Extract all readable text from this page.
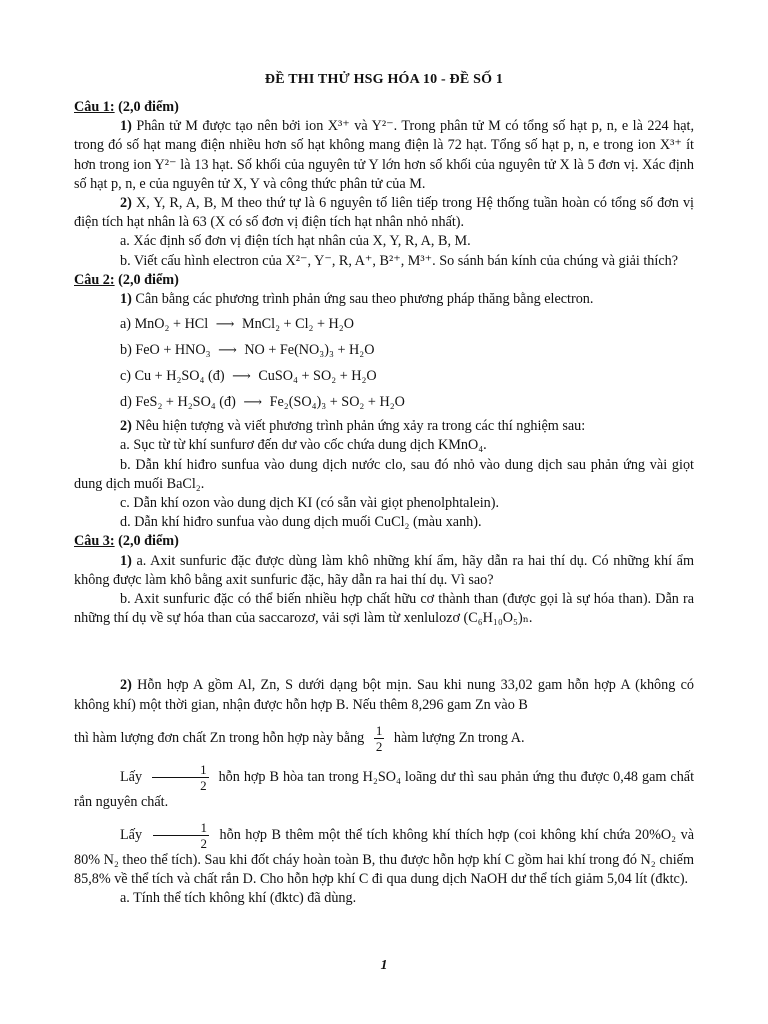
ĐỀ THI THỬ HSG HÓA 10 - ĐỀ SỐ 1

Câu 1: (2,0 điểm)

1) Phân tử M được tạo nên bởi ion X³⁺ và Y²⁻. Trong phân tử M có tổng số hạt p, n, e là 224 hạt, trong đó số hạt mang điện nhiều hơn số hạt không mang điện là 72 hạt. Tổng số hạt p, n, e trong ion X³⁺ ít hơn trong ion Y²⁻ là 13 hạt. Số khối của nguyên tử Y lớn hơn số khối của nguyên tử X là 5 đơn vị. Xác định số hạt p, n, e của nguyên tử X, Y và công thức phân tử của M.

2) X, Y, R, A, B, M theo thứ tự là 6 nguyên tố liên tiếp trong Hệ thống tuần hoàn có tổng số đơn vị điện tích hạt nhân là 63 (X có số đơn vị điện tích hạt nhân nhỏ nhất).

a. Xác định số đơn vị điện tích hạt nhân của X, Y, R, A, B, M.

b. Viết cấu hình electron của X²⁻, Y⁻, R, A⁺, B²⁺, M³⁺. So sánh bán kính của chúng và giải thích?

Câu 2: (2,0 điểm)

1) Cân bằng các phương trình phản ứng sau theo phương pháp thăng bằng electron.

a) MnO₂ + HCl ⟶ MnCl₂ + Cl₂ + H₂O

b) FeO + HNO₃ ⟶ NO + Fe(NO₃)₃ + H₂O

c) Cu + H₂SO₄ (đ) ⟶ CuSO₄ + SO₂ + H₂O

d) FeS₂ + H₂SO₄ (đ) ⟶ Fe₂(SO₄)₃ + SO₂ + H₂O

2) Nêu hiện tượng và viết phương trình phản ứng xảy ra trong các thí nghiệm sau:

a. Sục từ từ khí sunfurơ đến dư vào cốc chứa dung dịch KMnO₄.

b. Dẫn khí hiđro sunfua vào dung dịch nước clo, sau đó nhỏ vào dung dịch sau phản ứng vài giọt dung dịch muối BaCl₂.

c. Dẫn khí ozon vào dung dịch KI (có sẵn vài giọt phenolphtalein).

d. Dẫn khí hiđro sunfua vào dung dịch muối CuCl₂ (màu xanh).

Câu 3: (2,0 điểm)

1) a. Axit sunfuric đặc được dùng làm khô những khí ẩm, hãy dẫn ra hai thí dụ. Có những khí ẩm không được làm khô bằng axit sunfuric đặc, hãy dẫn ra hai thí dụ. Vì sao?

b. Axit sunfuric đặc có thể biến nhiều hợp chất hữu cơ thành than (được gọi là sự hóa than). Dẫn ra những thí dụ về sự hóa than của saccarozơ, vải sợi làm từ xenlulozơ (C₆H₁₀O₅)ₙ.

2) Hỗn hợp A gồm Al, Zn, S dưới dạng bột mịn. Sau khi nung 33,02 gam hỗn hợp A (không có không khí) một thời gian, nhận được hỗn hợp B. Nếu thêm 8,296 gam Zn vào B

thì hàm lượng đơn chất Zn trong hỗn hợp này bằng $\frac{1}{2}$ hàm lượng Zn trong A.

Lấy $\frac{1}{2}$ hỗn hợp B hòa tan trong H₂SO₄ loãng dư thì sau phản ứng thu được 0,48 gam chất rắn nguyên chất.

Lấy $\frac{1}{2}$ hỗn hợp B thêm một thể tích không khí thích hợp (coi không khí chứa 20%O₂ và 80% N₂ theo thể tích). Sau khi đốt cháy hoàn toàn B, thu được hỗn hợp khí C gồm hai khí trong đó N₂ chiếm 85,8% về thể tích và chất rắn D. Cho hỗn hợp khí C đi qua dung dịch NaOH dư thể tích giảm 5,04 lít (đktc).

a. Tính thể tích không khí (đktc) đã dùng.

1
